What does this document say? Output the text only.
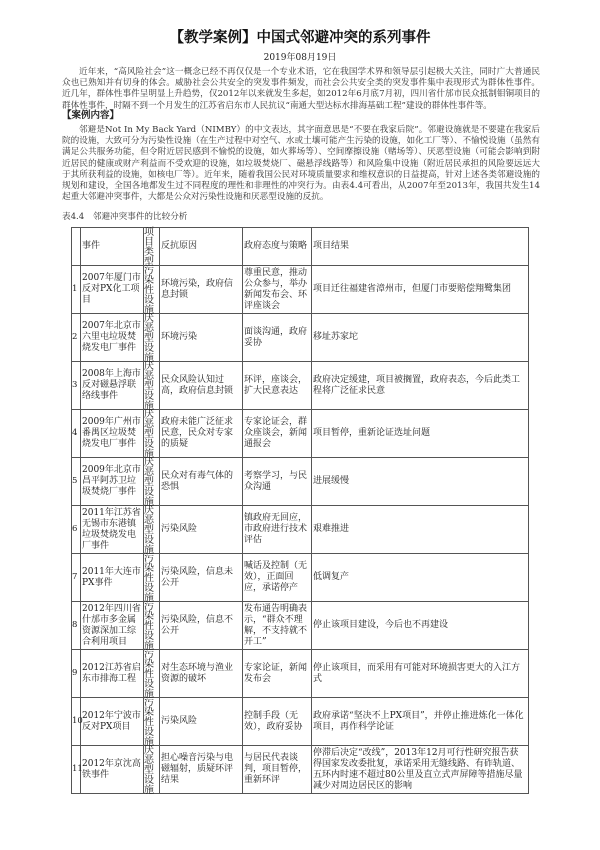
【教学案例】中国式邻避冲突的系列事件
2019年08月19日
近年来，“高风险社会”这一概念已经不再仅仅是一个专业术语，它在我国学术界和领导层引起极大关注，同时广大普通民众也已熟知并有切身的体会。威胁社会公共安全的突发事件频发，而社会公共安全类的突发事件集中表现形式为群体性事件。近几年，群体性事件呈明显上升趋势，仅2012年以来就发生多起，如2012年6月底7月初，四川省什邡市民众抵制钼铜项目的群体性事件，时隔不到一个月发生的江苏省启东市人民抗议“南通大型达标水排海基础工程”建设的群体性事件等。
【案例内容】
邻避是Not In My Back Yard（NIMBY）的中文表达，其字面意思是“不要在我家后院”。邻避设施就是不要建在我家后院的设施，大致可分为污染性设施（在生产过程中对空气、水或土壤可能产生污染的设施，如化工厂等）、不愉悦设施（虽然有满足公共服务功能，但令附近居民感到不愉悦的设施，如火葬场等）、空间摩擦设施（赌场等）、厌恶型设施（可能会影响到附近居民的健康或财产利益而不受欢迎的设施，如垃圾焚烧厂、磁悬浮线路等）和风险集中设施（附近居民承担的风险要远远大于其所获利益的设施，如核电厂等）。近年来，随着我国公民对环境质量要求和维权意识的日益提高，针对上述各类邻避设施的规划和建设，全国各地都发生过不同程度的理性和非理性的冲突行为。由表4.4可看出，从2007年至2013年，我国共发生14起重大邻避冲突事件，大都是公众对污染性设施和厌恶型设施的反抗。
表4.4　邻避冲突事件的比较分析

	事件	项目类型	反抗原因	政府态度与策略	项目结果

1	2007年厦门市反对PX化工项目	污染性设施	环境污染，政府信息封锁	尊重民意，推动公众参与，举办新闻发布会、环评座谈会	项目迁往福建省漳州市，但厦门市要赔偿翔鹭集团

2	2007年北京市六里屯垃圾焚烧发电厂事件	厌恶型设施	环境污染	面谈沟通，政府妥协	移址苏家坨

3	2008年上海市反对磁悬浮联络线事件	厌恶型设施	民众风险认知过高，政府信息封锁	环评，座谈会，扩大民意表达	政府决定缓建，项目被搁置，政府表态，今后此类工程将广泛征求民意

4	2009年广州市番禺区垃圾焚烧发电厂事件	厌恶型设施	政府未能广泛征求民意，民众对专家的质疑	专家论证会，群众座谈会，新闻通报会	项目暂停，重新论证选址问题

5	2009年北京市昌平阿苏卫垃圾焚烧厂事件	厌恶型设施	民众对有毒气体的恐惧	考察学习，与民众沟通	进展缓慢

6	2011年江苏省无锡市东港镇垃圾焚烧发电厂事件	厌恶型设施	污染风险	镇政府无回应，市政府进行技术评估	艰难推进

7	2011年大连市PX事件	污染性设施	污染风险，信息未公开	喊话及控制（无效），正面回应，承诺停产	低调复产

8	2012年四川省什邡市多金属资源深加工综合利用项目	污染性设施	污染风险，信息不公开	发布通告明确表示，“群众不理解，不支持就不开工”	停止该项目建设，今后也不再建设

9	2012江苏省启东市排海工程	污染性设施	对生态环境与渔业资源的破坏	专家论证，新闻发布会	停止该项目，而采用有可能对环境损害更大的入江方式

10	2012年宁波市反对PX项目	污染性设施	污染风险	控制手段（无效），政府妥协	政府承诺“坚决不上PX项目”，并停止推进炼化一体化项目，再作科学论证

11	2012年京沈高铁事件	厌恶型设施	担心噪音污染与电磁辐射，质疑环评结果	与居民代表谈判，项目暂停，重新环评	停滞后决定“改线”，2013年12月可行性研究报告获得国家发改委批复，承诺采用无缝线路、有砟轨道、五环内时速不超过80公里及直立式声屏障等措施尽量减少对周边居民区的影响
